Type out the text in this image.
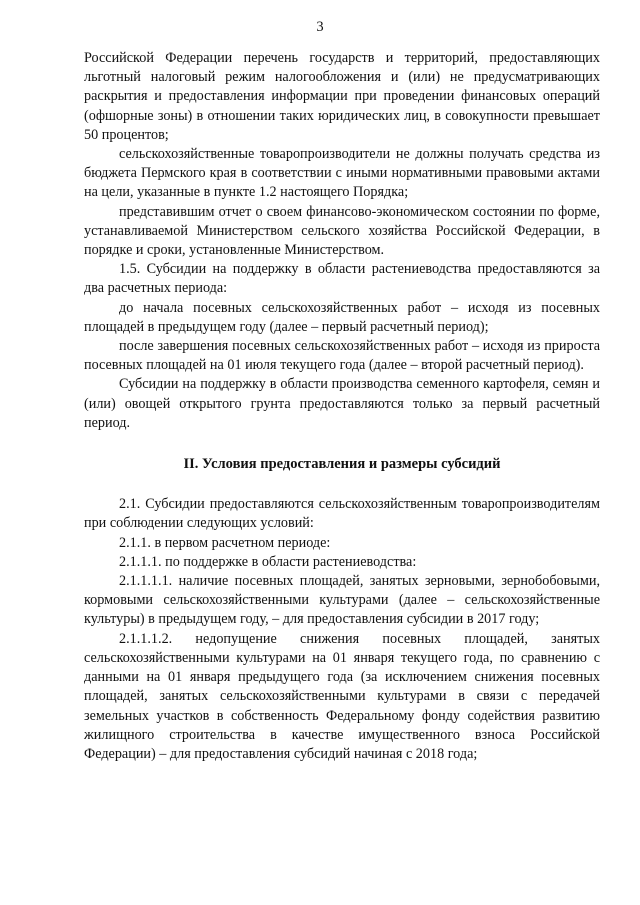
3

Российской Федерации перечень государств и территорий, предоставляющих льготный налоговый режим налогообложения и (или) не предусматривающих раскрытия и предоставления информации при проведении финансовых операций (офшорные зоны) в отношении таких юридических лиц, в совокупности превышает 50 процентов;

сельскохозяйственные товаропроизводители не должны получать средства из бюджета Пермского края в соответствии с иными нормативными правовыми актами на цели, указанные в пункте 1.2 настоящего Порядка;

представившим отчет о своем финансово-экономическом состоянии по форме, устанавливаемой Министерством сельского хозяйства Российской Федерации, в порядке и сроки, установленные Министерством.

1.5. Субсидии на поддержку в области растениеводства предоставляются за два расчетных периода:

до начала посевных сельскохозяйственных работ – исходя из посевных площадей в предыдущем году (далее – первый расчетный период);

после завершения посевных сельскохозяйственных работ – исходя из прироста посевных площадей на 01 июля текущего года (далее – второй расчетный период).

Субсидии на поддержку в области производства семенного картофеля, семян и (или) овощей открытого грунта предоставляются только за первый расчетный период.

II. Условия предоставления и размеры субсидий

2.1. Субсидии предоставляются сельскохозяйственным товаропроизводителям при соблюдении следующих условий:

2.1.1. в первом расчетном периоде:

2.1.1.1. по поддержке в области растениеводства:

2.1.1.1.1. наличие посевных площадей, занятых зерновыми, зернобобовыми, кормовыми сельскохозяйственными культурами (далее – сельскохозяйственные культуры) в предыдущем году, – для предоставления субсидии в 2017 году;

2.1.1.1.2. недопущение снижения посевных площадей, занятых сельскохозяйственными культурами на 01 января текущего года, по сравнению с данными на 01 января предыдущего года (за исключением снижения посевных площадей, занятых сельскохозяйственными культурами в связи с передачей земельных участков в собственность Федеральному фонду содействия развитию жилищного строительства в качестве имущественного взноса Российской Федерации) – для предоставления субсидий начиная с 2018 года;
